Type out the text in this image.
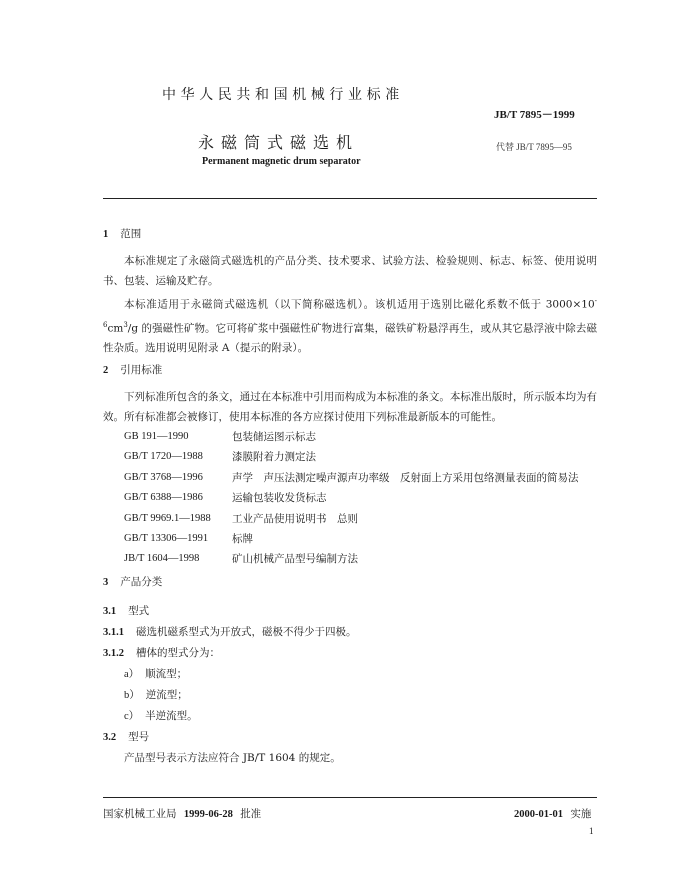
中华人民共和国机械行业标准
JB/T 7895－1999
永磁筒式磁选机	代替 JB/T 7895—95
Permanent magnetic drum separator
1 范围
本标准规定了永磁筒式磁选机的产品分类、技术要求、试验方法、检验规则、标志、标签、使用说明书、包装、运输及贮存。
本标准适用于永磁筒式磁选机（以下简称磁选机）。该机适用于选别比磁化系数不低于 $3000\times 10^{-6}cm^3/g$ 的强磁性矿物。它可将矿浆中强磁性矿物进行富集，磁铁矿粉悬浮再生，或从其它悬浮液中除去磁性杂质。选用说明见附录 A（提示的附录）。
2 引用标准
下列标准所包含的条文，通过在本标准中引用而构成为本标准的条文。本标准出版时，所示版本均为有效。所有标准都会被修订，使用本标准的各方应探讨使用下列标准最新版本的可能性。
GB 191—1990	包装储运图示标志
GB/T 1720—1988	漆膜附着力测定法
GB/T 3768—1996	声学　声压法测定噪声源声功率级　反射面上方采用包络测量表面的简易法
GB/T 6388—1986	运输包装收发货标志
GB/T 9969.1—1988	工业产品使用说明书　总则
GB/T 13306—1991	标牌
JB/T 1604—1998	矿山机械产品型号编制方法
3 产品分类
3.1 型式
3.1.1 磁选机磁系型式为开放式，磁极不得少于四极。
3.1.2 槽体的型式分为：
a） 顺流型；
b） 逆流型；
c） 半逆流型。
3.2 型号
产品型号表示方法应符合 JB/T 1604 的规定。
国家机械工业局 1999-06-28 批准	2000-01-01 实施
1
